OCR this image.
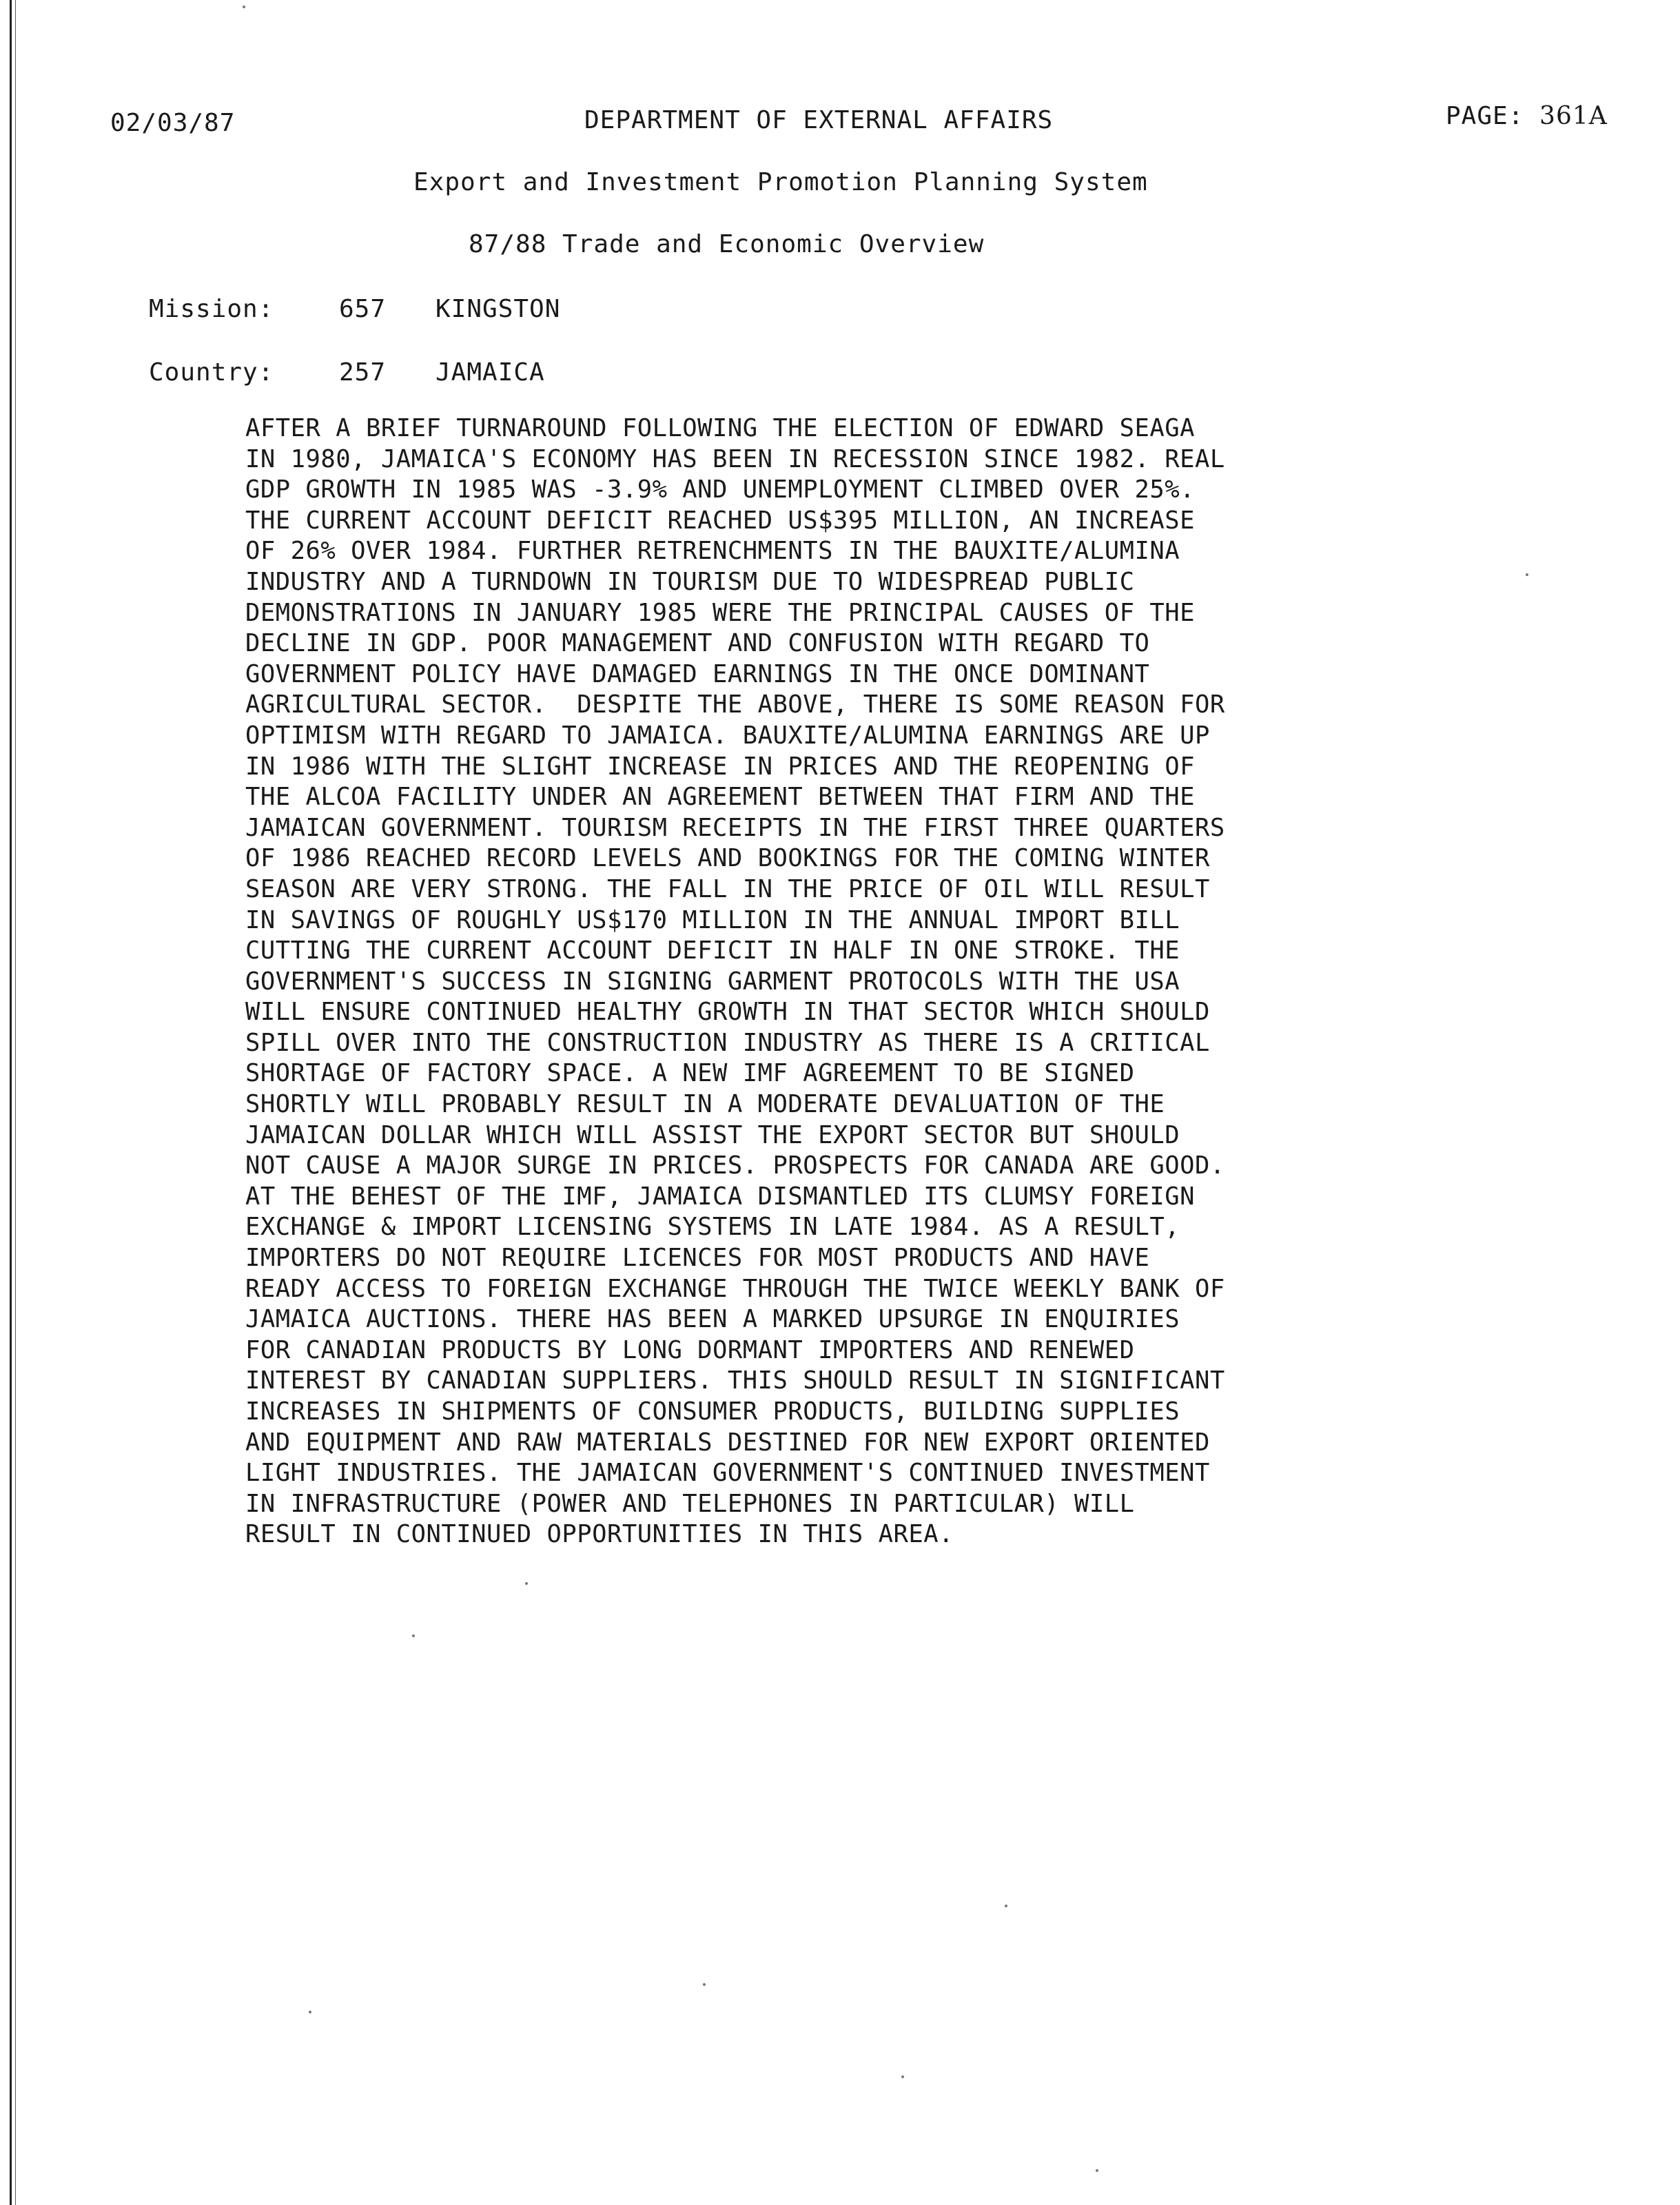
02/03/87	DEPARTMENT OF EXTERNAL AFFAIRS	PAGE: 361A
Export and Investment Promotion Planning System
87/88 Trade and Economic Overview
Mission:	657 KINGSTON
Country:	257 JAMAICA
AFTER A BRIEF TURNAROUND FOLLOWING THE ELECTION OF EDWARD SEAGA
IN 1980, JAMAICA'S ECONOMY HAS BEEN IN RECESSION SINCE 1982. REAL
GDP GROWTH IN 1985 WAS -3.9% AND UNEMPLOYMENT CLIMBED OVER 25%.
THE CURRENT ACCOUNT DEFICIT REACHED US$395 MILLION, AN INCREASE
OF 26% OVER 1984. FURTHER RETRENCHMENTS IN THE BAUXITE/ALUMINA
INDUSTRY AND A TURNDOWN IN TOURISM DUE TO WIDESPREAD PUBLIC
DEMONSTRATIONS IN JANUARY 1985 WERE THE PRINCIPAL CAUSES OF THE
DECLINE IN GDP. POOR MANAGEMENT AND CONFUSION WITH REGARD TO
GOVERNMENT POLICY HAVE DAMAGED EARNINGS IN THE ONCE DOMINANT
AGRICULTURAL SECTOR.  DESPITE THE ABOVE, THERE IS SOME REASON FOR
OPTIMISM WITH REGARD TO JAMAICA. BAUXITE/ALUMINA EARNINGS ARE UP
IN 1986 WITH THE SLIGHT INCREASE IN PRICES AND THE REOPENING OF
THE ALCOA FACILITY UNDER AN AGREEMENT BETWEEN THAT FIRM AND THE
JAMAICAN GOVERNMENT. TOURISM RECEIPTS IN THE FIRST THREE QUARTERS
OF 1986 REACHED RECORD LEVELS AND BOOKINGS FOR THE COMING WINTER
SEASON ARE VERY STRONG. THE FALL IN THE PRICE OF OIL WILL RESULT
IN SAVINGS OF ROUGHLY US$170 MILLION IN THE ANNUAL IMPORT BILL
CUTTING THE CURRENT ACCOUNT DEFICIT IN HALF IN ONE STROKE. THE
GOVERNMENT'S SUCCESS IN SIGNING GARMENT PROTOCOLS WITH THE USA
WILL ENSURE CONTINUED HEALTHY GROWTH IN THAT SECTOR WHICH SHOULD
SPILL OVER INTO THE CONSTRUCTION INDUSTRY AS THERE IS A CRITICAL
SHORTAGE OF FACTORY SPACE. A NEW IMF AGREEMENT TO BE SIGNED
SHORTLY WILL PROBABLY RESULT IN A MODERATE DEVALUATION OF THE
JAMAICAN DOLLAR WHICH WILL ASSIST THE EXPORT SECTOR BUT SHOULD
NOT CAUSE A MAJOR SURGE IN PRICES. PROSPECTS FOR CANADA ARE GOOD.
AT THE BEHEST OF THE IMF, JAMAICA DISMANTLED ITS CLUMSY FOREIGN
EXCHANGE & IMPORT LICENSING SYSTEMS IN LATE 1984. AS A RESULT,
IMPORTERS DO NOT REQUIRE LICENCES FOR MOST PRODUCTS AND HAVE
READY ACCESS TO FOREIGN EXCHANGE THROUGH THE TWICE WEEKLY BANK OF
JAMAICA AUCTIONS. THERE HAS BEEN A MARKED UPSURGE IN ENQUIRIES
FOR CANADIAN PRODUCTS BY LONG DORMANT IMPORTERS AND RENEWED
INTEREST BY CANADIAN SUPPLIERS. THIS SHOULD RESULT IN SIGNIFICANT
INCREASES IN SHIPMENTS OF CONSUMER PRODUCTS, BUILDING SUPPLIES
AND EQUIPMENT AND RAW MATERIALS DESTINED FOR NEW EXPORT ORIENTED
LIGHT INDUSTRIES. THE JAMAICAN GOVERNMENT'S CONTINUED INVESTMENT
IN INFRASTRUCTURE (POWER AND TELEPHONES IN PARTICULAR) WILL
RESULT IN CONTINUED OPPORTUNITIES IN THIS AREA.
